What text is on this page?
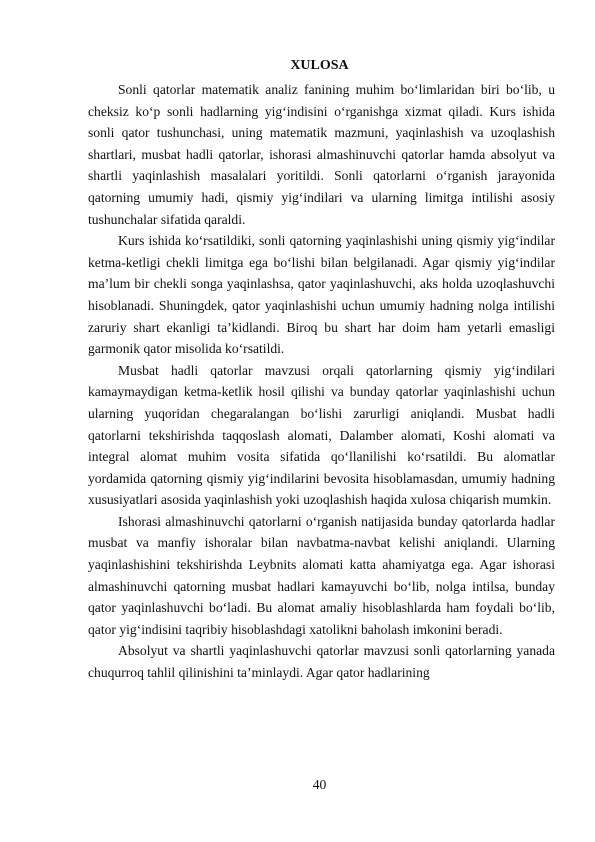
XULOSA

Sonli qatorlar matematik analiz fanining muhim bo‘limlaridan biri bo‘lib, u cheksiz ko‘p sonli hadlarning yig‘indisini o‘rganishga xizmat qiladi. Kurs ishida sonli qator tushunchasi, uning matematik mazmuni, yaqinlashish va uzoqlashish shartlari, musbat hadli qatorlar, ishorasi almashinuvchi qatorlar hamda absolyut va shartli yaqinlashish masalalari yoritildi. Sonli qatorlarni o‘rganish jarayonida qatorning umumiy hadi, qismiy yig‘indilari va ularning limitga intilishi asosiy tushunchalar sifatida qaraldi.

Kurs ishida ko‘rsatildiki, sonli qatorning yaqinlashishi uning qismiy yig‘indilar ketma-ketligi chekli limitga ega bo‘lishi bilan belgilanadi. Agar qismiy yig‘indilar ma’lum bir chekli songa yaqinlashsa, qator yaqinlashuvchi, aks holda uzoqlashuvchi hisoblanadi. Shuningdek, qator yaqinlashishi uchun umumiy hadning nolga intilishi zaruriy shart ekanligi ta’kidlandi. Biroq bu shart har doim ham yetarli emasligi garmonik qator misolida ko‘rsatildi.

Musbat hadli qatorlar mavzusi orqali qatorlarning qismiy yig‘indilari kamaymaydigan ketma-ketlik hosil qilishi va bunday qatorlar yaqinlashishi uchun ularning yuqoridan chegaralangan bo‘lishi zarurligi aniqlandi. Musbat hadli qatorlarni tekshirishda taqqoslash alomati, Dalamber alomati, Koshi alomati va integral alomat muhim vosita sifatida qo‘llanilishi ko‘rsatildi. Bu alomatlar yordamida qatorning qismiy yig‘indilarini bevosita hisoblamasdan, umumiy hadning xususiyatlari asosida yaqinlashish yoki uzoqlashish haqida xulosa chiqarish mumkin.

Ishorasi almashinuvchi qatorlarni o‘rganish natijasida bunday qatorlarda hadlar musbat va manfiy ishoralar bilan navbatma-navbat kelishi aniqlandi. Ularning yaqinlashishini tekshirishda Leybnits alomati katta ahamiyatga ega. Agar ishorasi almashinuvchi qatorning musbat hadlari kamayuvchi bo‘lib, nolga intilsa, bunday qator yaqinlashuvchi bo‘ladi. Bu alomat amaliy hisoblashlarda ham foydali bo‘lib, qator yig‘indisini taqribiy hisoblashdagi xatolikni baholash imkonini beradi.

Absolyut va shartli yaqinlashuvchi qatorlar mavzusi sonli qatorlarning yanada chuqurroq tahlil qilinishini ta’minlaydi. Agar qator hadlarining

40
